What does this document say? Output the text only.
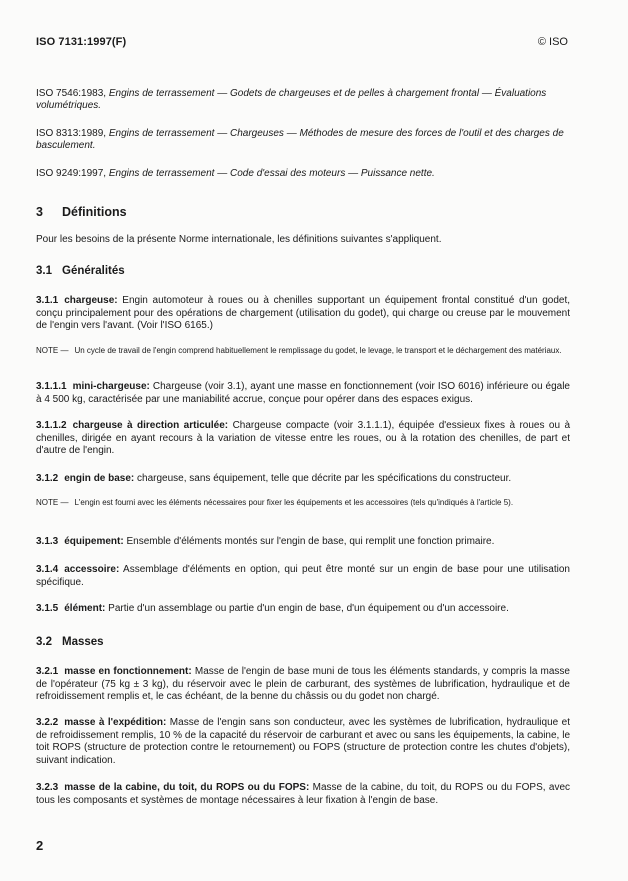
ISO 7131:1997(F)	© ISO
ISO 7546:1983, Engins de terrassement — Godets de chargeuses et de pelles à chargement frontal — Évaluations volumétriques.
ISO 8313:1989, Engins de terrassement — Chargeuses — Méthodes de mesure des forces de l'outil et des charges de basculement.
ISO 9249:1997, Engins de terrassement — Code d'essai des moteurs — Puissance nette.
3 Définitions
Pour les besoins de la présente Norme internationale, les définitions suivantes s'appliquent.
3.1 Généralités
3.1.1 chargeuse: Engin automoteur à roues ou à chenilles supportant un équipement frontal constitué d'un godet, conçu principalement pour des opérations de chargement (utilisation du godet), qui charge ou creuse par le mouvement de l'engin vers l'avant. (Voir l'ISO 6165.)
NOTE — Un cycle de travail de l'engin comprend habituellement le remplissage du godet, le levage, le transport et le déchargement des matériaux.
3.1.1.1 mini-chargeuse: Chargeuse (voir 3.1), ayant une masse en fonctionnement (voir ISO 6016) inférieure ou égale à 4 500 kg, caractérisée par une maniabilité accrue, conçue pour opérer dans des espaces exigus.
3.1.1.2 chargeuse à direction articulée: Chargeuse compacte (voir 3.1.1.1), équipée d'essieux fixes à roues ou à chenilles, dirigée en ayant recours à la variation de vitesse entre les roues, ou à la rotation des chenilles, de part et d'autre de l'engin.
3.1.2 engin de base: chargeuse, sans équipement, telle que décrite par les spécifications du constructeur.
NOTE — L'engin est fourni avec les éléments nécessaires pour fixer les équipements et les accessoires (tels qu'indiqués à l'article 5).
3.1.3 équipement: Ensemble d'éléments montés sur l'engin de base, qui remplit une fonction primaire.
3.1.4 accessoire: Assemblage d'éléments en option, qui peut être monté sur un engin de base pour une utilisation spécifique.
3.1.5 élément: Partie d'un assemblage ou partie d'un engin de base, d'un équipement ou d'un accessoire.
3.2 Masses
3.2.1 masse en fonctionnement: Masse de l'engin de base muni de tous les éléments standards, y compris la masse de l'opérateur (75 kg ± 3 kg), du réservoir avec le plein de carburant, des systèmes de lubrification, hydraulique et de refroidissement remplis et, le cas échéant, de la benne du châssis ou du godet non chargé.
3.2.2 masse à l'expédition: Masse de l'engin sans son conducteur, avec les systèmes de lubrification, hydraulique et de refroidissement remplis, 10 % de la capacité du réservoir de carburant et avec ou sans les équipements, la cabine, le toit ROPS (structure de protection contre le retournement) ou FOPS (structure de protection contre les chutes d'objets), suivant indication.
3.2.3 masse de la cabine, du toit, du ROPS ou du FOPS: Masse de la cabine, du toit, du ROPS ou du FOPS, avec tous les composants et systèmes de montage nécessaires à leur fixation à l'engin de base.
2
